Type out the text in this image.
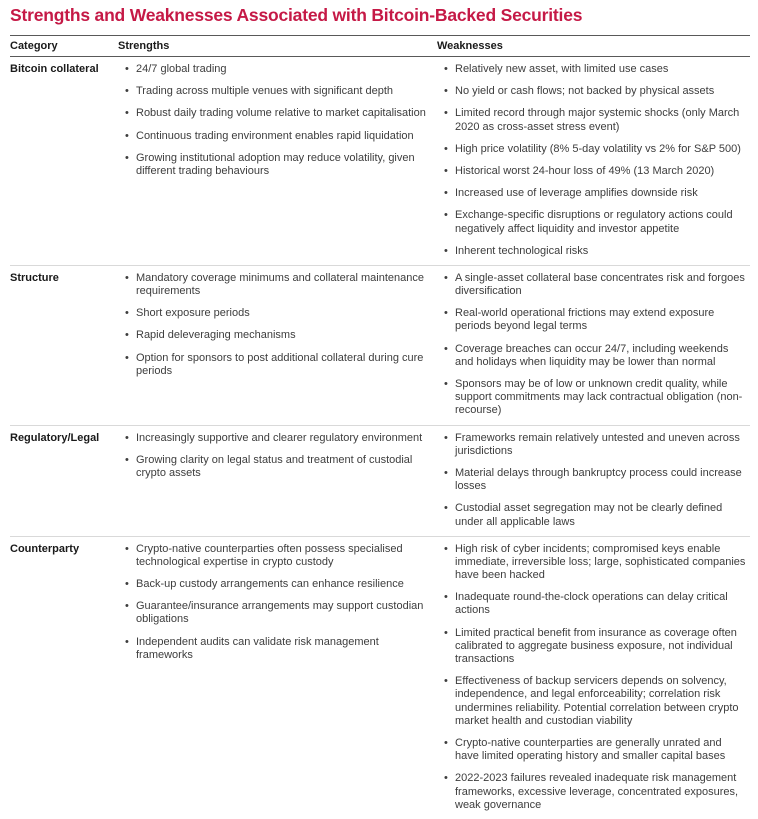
Strengths and Weaknesses Associated with Bitcoin-Backed Securities
Category	Strengths	Weaknesses
Bitcoin collateral	• 24/7 global trading
• Trading across multiple venues with significant depth
• Robust daily trading volume relative to market capitalisation
• Continuous trading environment enables rapid liquidation
• Growing institutional adoption may reduce volatility, given different trading behaviours

• Relatively new asset, with limited use cases
• No yield or cash flows; not backed by physical assets
• Limited record through major systemic shocks (only March 2020 as cross-asset stress event)
• High price volatility (8% 5-day volatility vs 2% for S&P 500)
• Historical worst 24-hour loss of 49% (13 March 2020)
• Increased use of leverage amplifies downside risk
• Exchange-specific disruptions or regulatory actions could negatively affect liquidity and investor appetite
• Inherent technological risks

Structure	• Mandatory coverage minimums and collateral maintenance requirements
• Short exposure periods
• Rapid deleveraging mechanisms
• Option for sponsors to post additional collateral during cure periods

• A single-asset collateral base concentrates risk and forgoes diversification
• Real-world operational frictions may extend exposure periods beyond legal terms
• Coverage breaches can occur 24/7, including weekends and holidays when liquidity may be lower than normal
• Sponsors may be of low or unknown credit quality, while support commitments may lack contractual obligation (non-recourse)

Regulatory/Legal	• Increasingly supportive and clearer regulatory environment
• Growing clarity on legal status and treatment of custodial crypto assets

• Frameworks remain relatively untested and uneven across jurisdictions
• Material delays through bankruptcy process could increase losses
• Custodial asset segregation may not be clearly defined under all applicable laws

Counterparty	• Crypto-native counterparties often possess specialised technological expertise in crypto custody
• Back-up custody arrangements can enhance resilience
• Guarantee/insurance arrangements may support custodian obligations
• Independent audits can validate risk management frameworks

• High risk of cyber incidents; compromised keys enable immediate, irreversible loss; large, sophisticated companies have been hacked
• Inadequate round-the-clock operations can delay critical actions
• Limited practical benefit from insurance as coverage often calibrated to aggregate business exposure, not individual transactions
• Effectiveness of backup servicers depends on solvency, independence, and legal enforceability; correlation risk undermines reliability. Potential correlation between crypto market health and custodian viability
• Crypto-native counterparties are generally unrated and have limited operating history and smaller capital bases
• 2022-2023 failures revealed inadequate risk management frameworks, excessive leverage, concentrated exposures, weak governance
